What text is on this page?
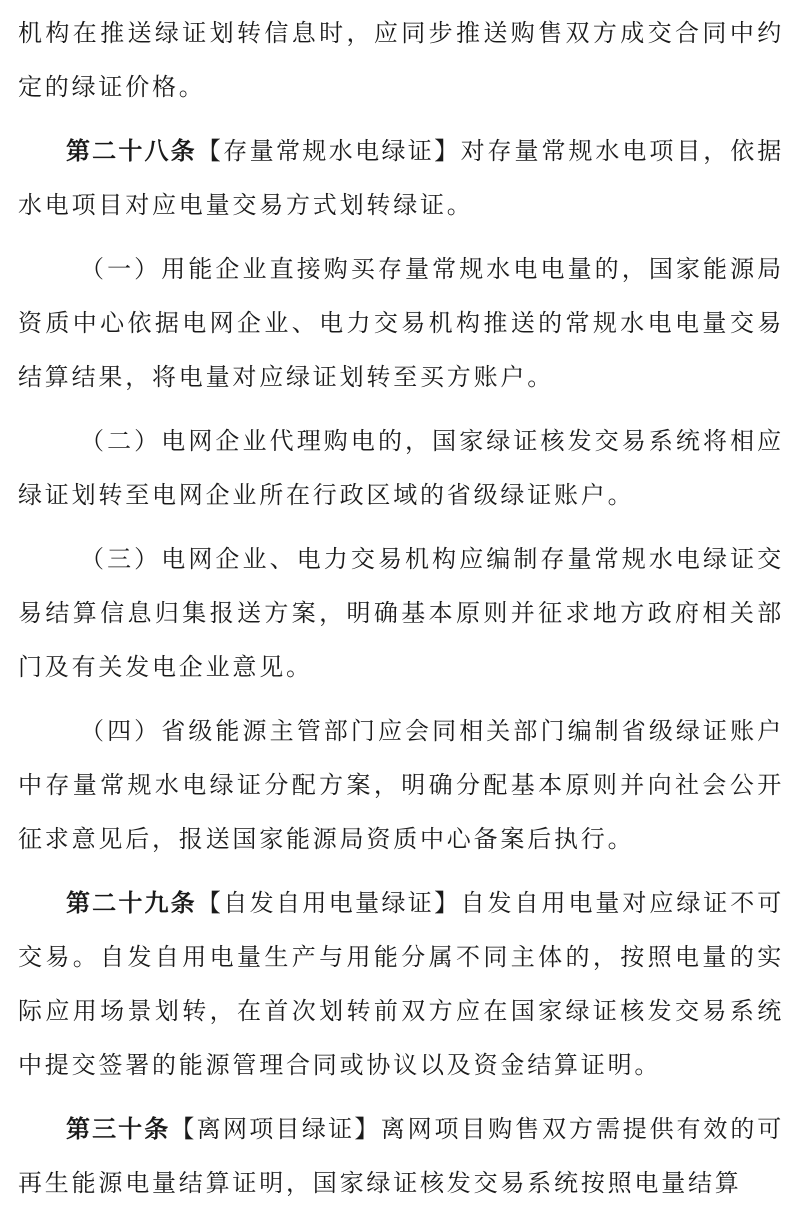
机构在推送绿证划转信息时，应同步推送购售双方成交合同中约定的绿证价格。

第二十八条【存量常规水电绿证】对存量常规水电项目，依据水电项目对应电量交易方式划转绿证。

（一）用能企业直接购买存量常规水电电量的，国家能源局资质中心依据电网企业、电力交易机构推送的常规水电电量交易结算结果，将电量对应绿证划转至买方账户。

（二）电网企业代理购电的，国家绿证核发交易系统将相应绿证划转至电网企业所在行政区域的省级绿证账户。

（三）电网企业、电力交易机构应编制存量常规水电绿证交易结算信息归集报送方案，明确基本原则并征求地方政府相关部门及有关发电企业意见。

（四）省级能源主管部门应会同相关部门编制省级绿证账户中存量常规水电绿证分配方案，明确分配基本原则并向社会公开征求意见后，报送国家能源局资质中心备案后执行。

第二十九条【自发自用电量绿证】自发自用电量对应绿证不可交易。自发自用电量生产与用能分属不同主体的，按照电量的实际应用场景划转，在首次划转前双方应在国家绿证核发交易系统中提交签署的能源管理合同或协议以及资金结算证明。

第三十条【离网项目绿证】离网项目购售双方需提供有效的可再生能源电量结算证明，国家绿证核发交易系统按照电量结算
